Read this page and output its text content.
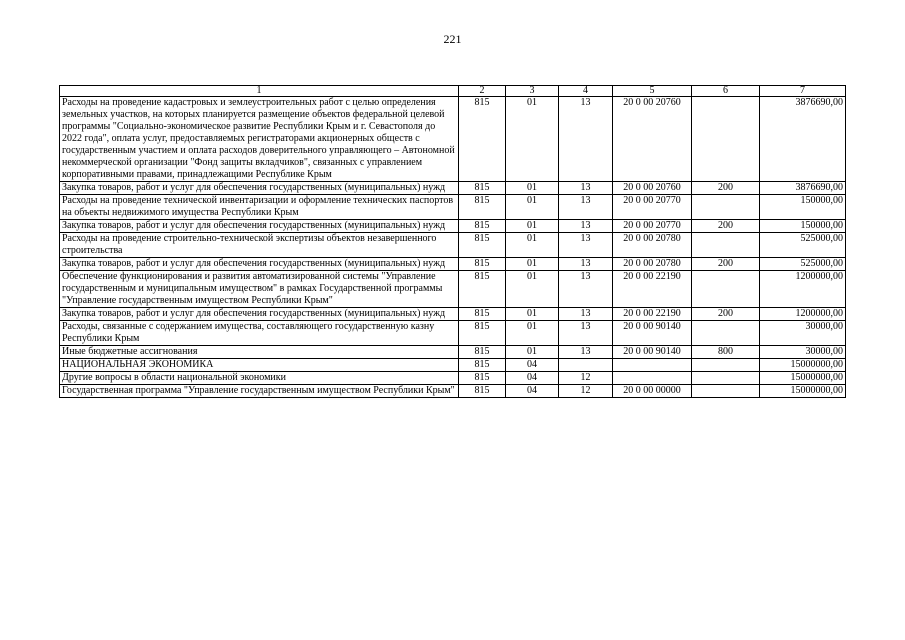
221
1	2	3	4	5	6	7
Расходы на проведение кадастровых и землеустроительных работ с целью определения земельных участков, на которых планируется размещение объектов федеральной целевой программы "Социально-экономическое развитие Республики Крым и г. Севастополя до 2022 года", оплата услуг, предоставляемых регистраторами акционерных обществ с государственным участием и оплата расходов доверительного управляющего – Автономной некоммерческой организации "Фонд защиты вкладчиков", связанных с управлением корпоративными правами, принадлежащими Республике Крым	815	01	13	20 0 00 20760		3876690,00
Закупка товаров, работ и услуг для обеспечения государственных (муниципальных) нужд	815	01	13	20 0 00 20760	200	3876690,00
Расходы на проведение технической инвентаризации и оформление технических паспортов на объекты недвижимого имущества Республики Крым	815	01	13	20 0 00 20770		150000,00
Закупка товаров, работ и услуг для обеспечения государственных (муниципальных) нужд	815	01	13	20 0 00 20770	200	150000,00
Расходы на проведение строительно-технической экспертизы объектов незавершенного строительства	815	01	13	20 0 00 20780		525000,00
Закупка товаров, работ и услуг для обеспечения государственных (муниципальных) нужд	815	01	13	20 0 00 20780	200	525000,00
Обеспечение функционирования и развития автоматизированной системы "Управление государственным и муниципальным имуществом" в рамках Государственной программы "Управление государственным имуществом Республики Крым"	815	01	13	20 0 00 22190		1200000,00
Закупка товаров, работ и услуг для обеспечения государственных (муниципальных) нужд	815	01	13	20 0 00 22190	200	1200000,00
Расходы, связанные с содержанием имущества, составляющего государственную казну Республики Крым	815	01	13	20 0 00 90140		30000,00
Иные бюджетные ассигнования	815	01	13	20 0 00 90140	800	30000,00
НАЦИОНАЛЬНАЯ ЭКОНОМИКА	815	04				15000000,00
Другие вопросы в области национальной экономики	815	04	12			15000000,00
Государственная программа "Управление государственным имуществом Республики Крым"	815	04	12	20 0 00 00000		15000000,00
